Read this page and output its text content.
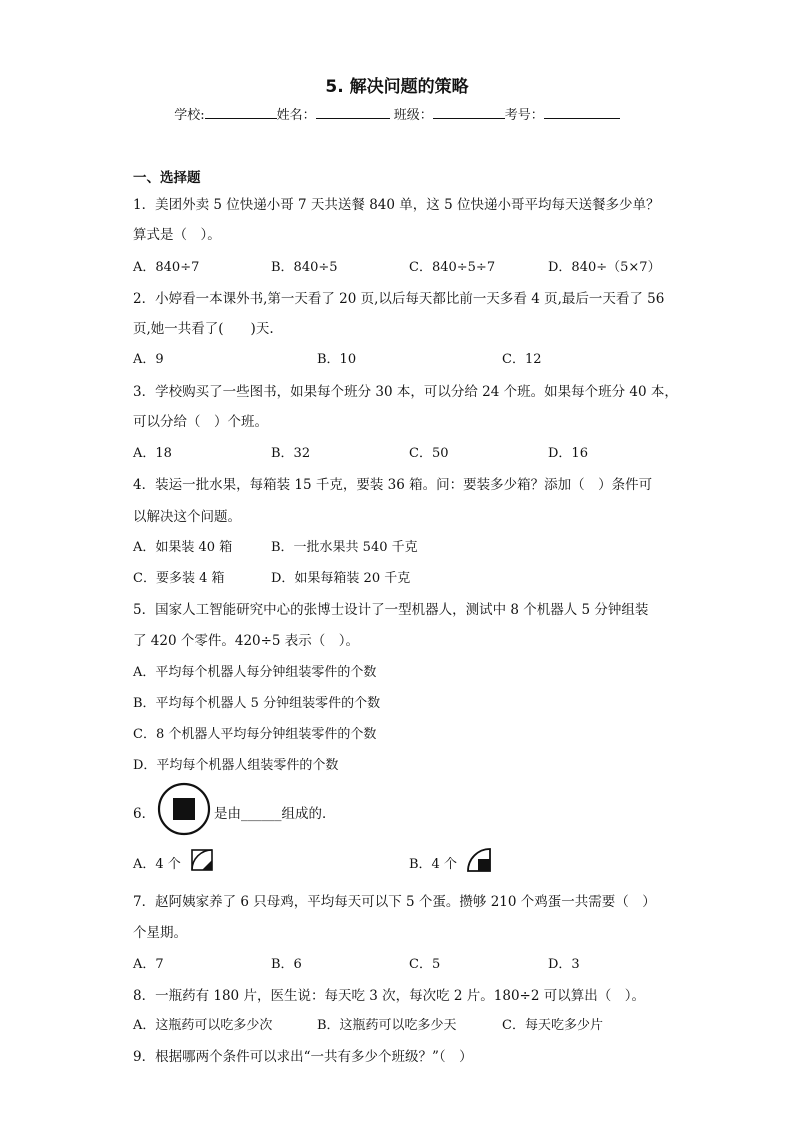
5. 解决问题的策略
学校:	姓名：	班级：	考号：
一、选择题
1．美团外卖 5 位快递小哥 7 天共送餐 840 单，这 5 位快递小哥平均每天送餐多少单？
算式是（　）。
A．840÷7	B．840÷5	C．840÷5÷7	D．840÷（5×7）
2．小婷看一本课外书,第一天看了 20 页,以后每天都比前一天多看 4 页,最后一天看了 56
页,她一共看了(　　)天.
A．9	B．10	C．12
3．学校购买了一些图书，如果每个班分 30 本，可以分给 24 个班。如果每个班分 40 本，
可以分给（　）个班。
A．18	B．32	C．50	D．16
4．装运一批水果，每箱装 15 千克，要装 36 箱。问：要装多少箱？添加（　）条件可
以解决这个问题。
A．如果装 40 箱	B．一批水果共 540 千克
C．要多装 4 箱	D．如果每箱装 20 千克
5．国家人工智能研究中心的张博士设计了一型机器人，测试中 8 个机器人 5 分钟组装
了 420 个零件。420÷5 表示（　）。
A．平均每个机器人每分钟组装零件的个数
B．平均每个机器人 5 分钟组装零件的个数
C．8 个机器人平均每分钟组装零件的个数
D．平均每个机器人组装零件的个数
6．	是由______组成的．
A．4 个	B．4 个
7．赵阿姨家养了 6 只母鸡，平均每天可以下 5 个蛋。攒够 210 个鸡蛋一共需要（　）
个星期。
A．7	B．6	C．5	D．3
8．一瓶药有 180 片，医生说：每天吃 3 次，每次吃 2 片。180÷2 可以算出（　）。
A．这瓶药可以吃多少次	B．这瓶药可以吃多少天	C．每天吃多少片
9．根据哪两个条件可以求出“一共有多少个班级？”（　）
